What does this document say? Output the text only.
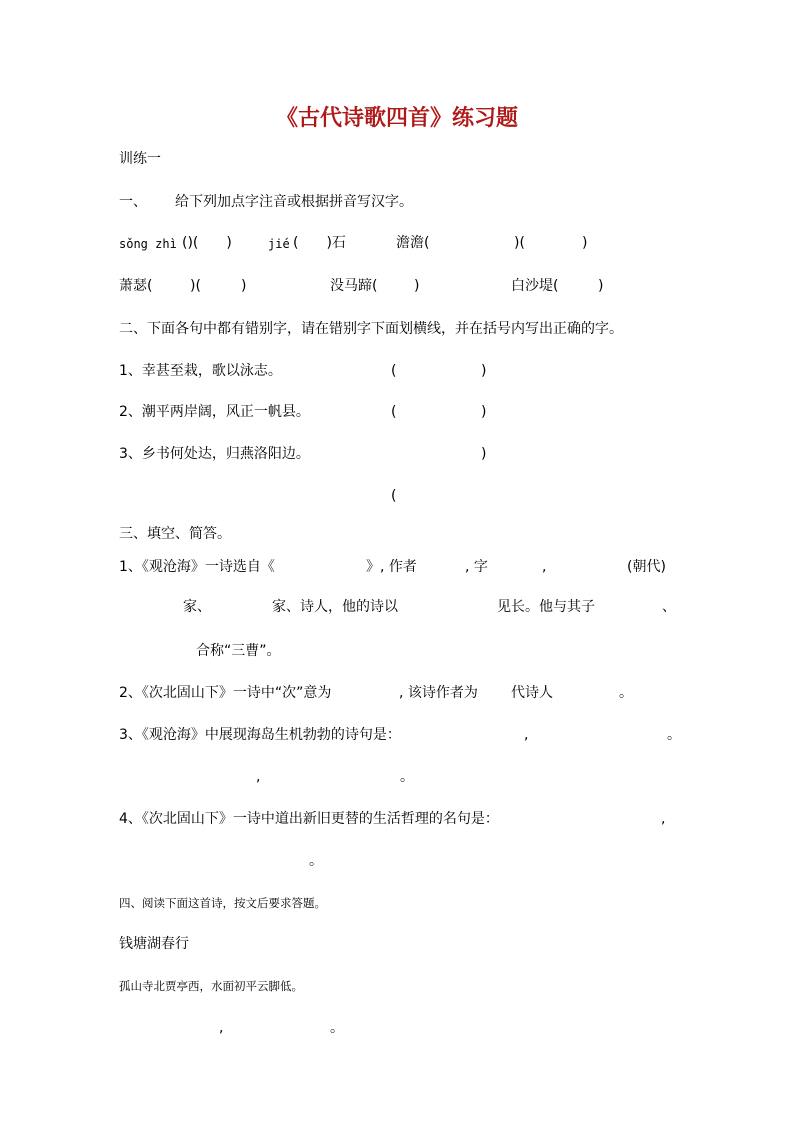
《古代诗歌四首》练习题
训练一
一、 给下列加点字注音或根据拼音写汉字。
sǒng zhì ()(　　)	jié (　　)石	澹澹(	)(	)
萧瑟(	)(	)	没马蹄(	)	白沙堤(	)
二、下面各句中都有错别字，请在错别字下面划横线，并在括号内写出正确的字。
1、幸甚至栽，歌以泳志。	(	)
2、潮平两岸阔，风正一帆县。	(	)
3、乡书何处达，归燕洛阳边。	)
(
三、填空、简答。
1、《观沧海》一诗选自《	》, 作者	, 字	,	(朝代)
家、	家、诗人，他的诗以	见长。他与其子	、
合称“三曹”。
2、《次北固山下》一诗中“次”意为	, 该诗作者为 代诗人	。
3、《观沧海》中展现海岛生机勃勃的诗句是：	,	。
,	。
4、《次北固山下》一诗中道出新旧更替的生活哲理的名句是：	,
。
四、阅读下面这首诗，按文后要求答题。
钱塘湖春行
孤山寺北贾亭西，水面初平云脚低。
,	。
